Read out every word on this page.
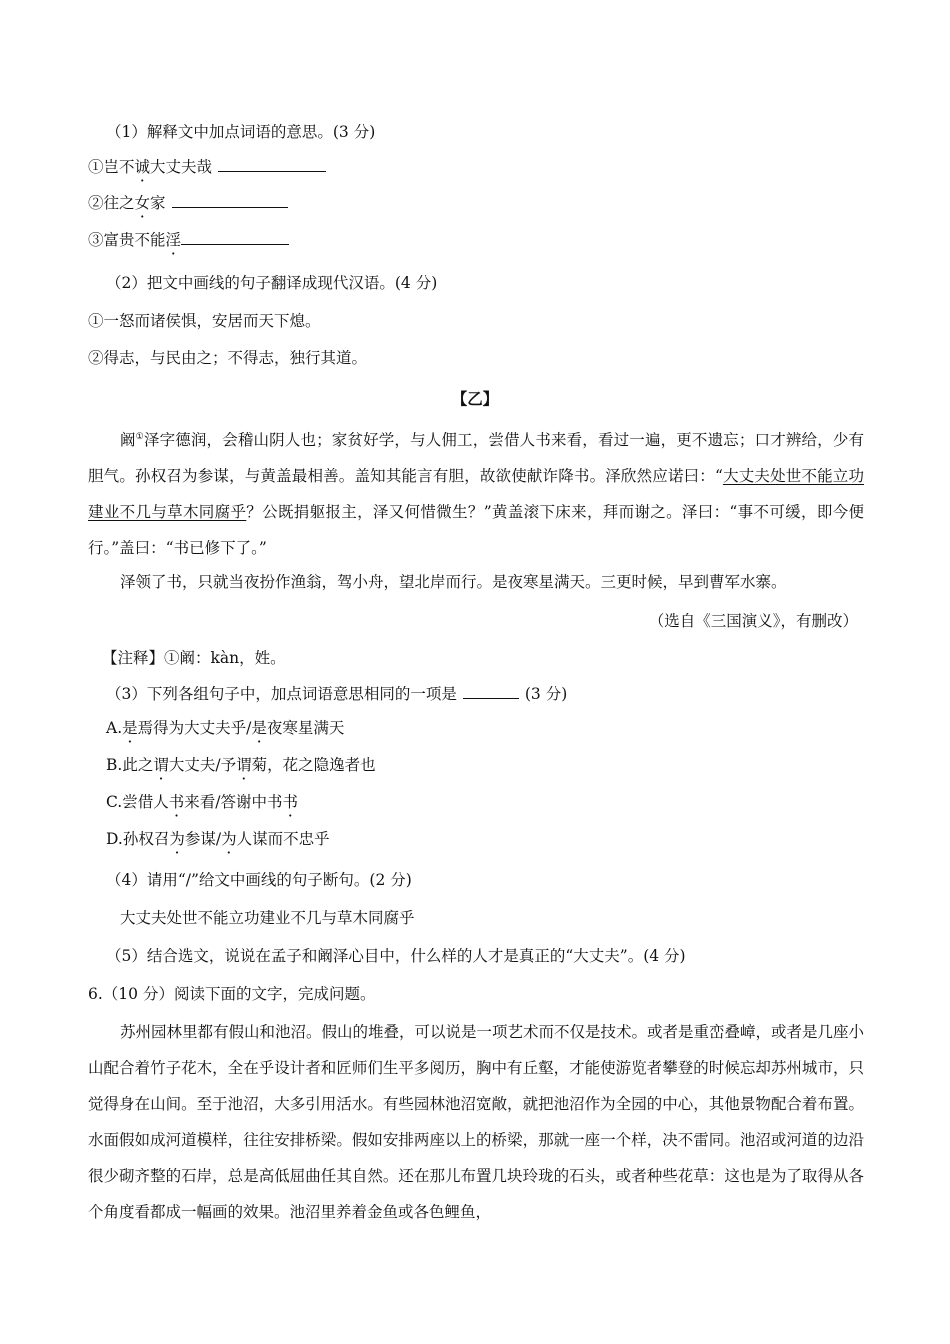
（1）解释文中加点词语的意思。(3 分)
①岂不诚大丈夫哉
②往之女家
③富贵不能淫
（2）把文中画线的句子翻译成现代汉语。(4 分)
①一怒而诸侯惧，安居而天下熄。
②得志，与民由之；不得志，独行其道。
【乙】
阚①泽字德润，会稽山阴人也；家贫好学，与人佣工，尝借人书来看，看过一遍，更不遗忘；口才辨给，少有胆气。孙权召为参谋，与黄盖最相善。盖知其能言有胆，故欲使献诈降书。泽欣然应诺曰：“大丈夫处世不能立功建业不几与草木同腐乎？公既捐躯报主，泽又何惜微生？”黄盖滚下床来，拜而谢之。泽曰：“事不可缓，即今便行。”盖曰：“书已修下了。”
泽领了书，只就当夜扮作渔翁，驾小舟，望北岸而行。是夜寒星满天。三更时候，早到曹军水寨。
（选自《三国演义》，有删改）
【注释】①阚：kàn，姓。
（3）下列各组句子中，加点词语意思相同的一项是	(3 分)
A.是焉得为大丈夫乎/是夜寒星满天
B.此之谓大丈夫/予谓菊，花之隐逸者也
C.尝借人书来看/答谢中书书
D.孙权召为参谋/为人谋而不忠乎
（4）请用“/”给文中画线的句子断句。(2 分)
大丈夫处世不能立功建业不几与草木同腐乎
（5）结合选文，说说在孟子和阚泽心目中，什么样的人才是真正的“大丈夫”。(4 分)
6.（10 分）阅读下面的文字，完成问题。
苏州园林里都有假山和池沼。假山的堆叠，可以说是一项艺术而不仅是技术。或者是重峦叠嶂，或者是几座小山配合着竹子花木，全在乎设计者和匠师们生平多阅历，胸中有丘壑，才能使游览者攀登的时候忘却苏州城市，只觉得身在山间。至于池沼，大多引用活水。有些园林池沼宽敞，就把池沼作为全园的中心，其他景物配合着布置。水面假如成河道模样，往往安排桥梁。假如安排两座以上的桥梁，那就一座一个样，决不雷同。池沼或河道的边沿很少砌齐整的石岸，总是高低屈曲任其自然。还在那儿布置几块玲珑的石头，或者种些花草：这也是为了取得从各个角度看都成一幅画的效果。池沼里养着金鱼或各色鲤鱼，
